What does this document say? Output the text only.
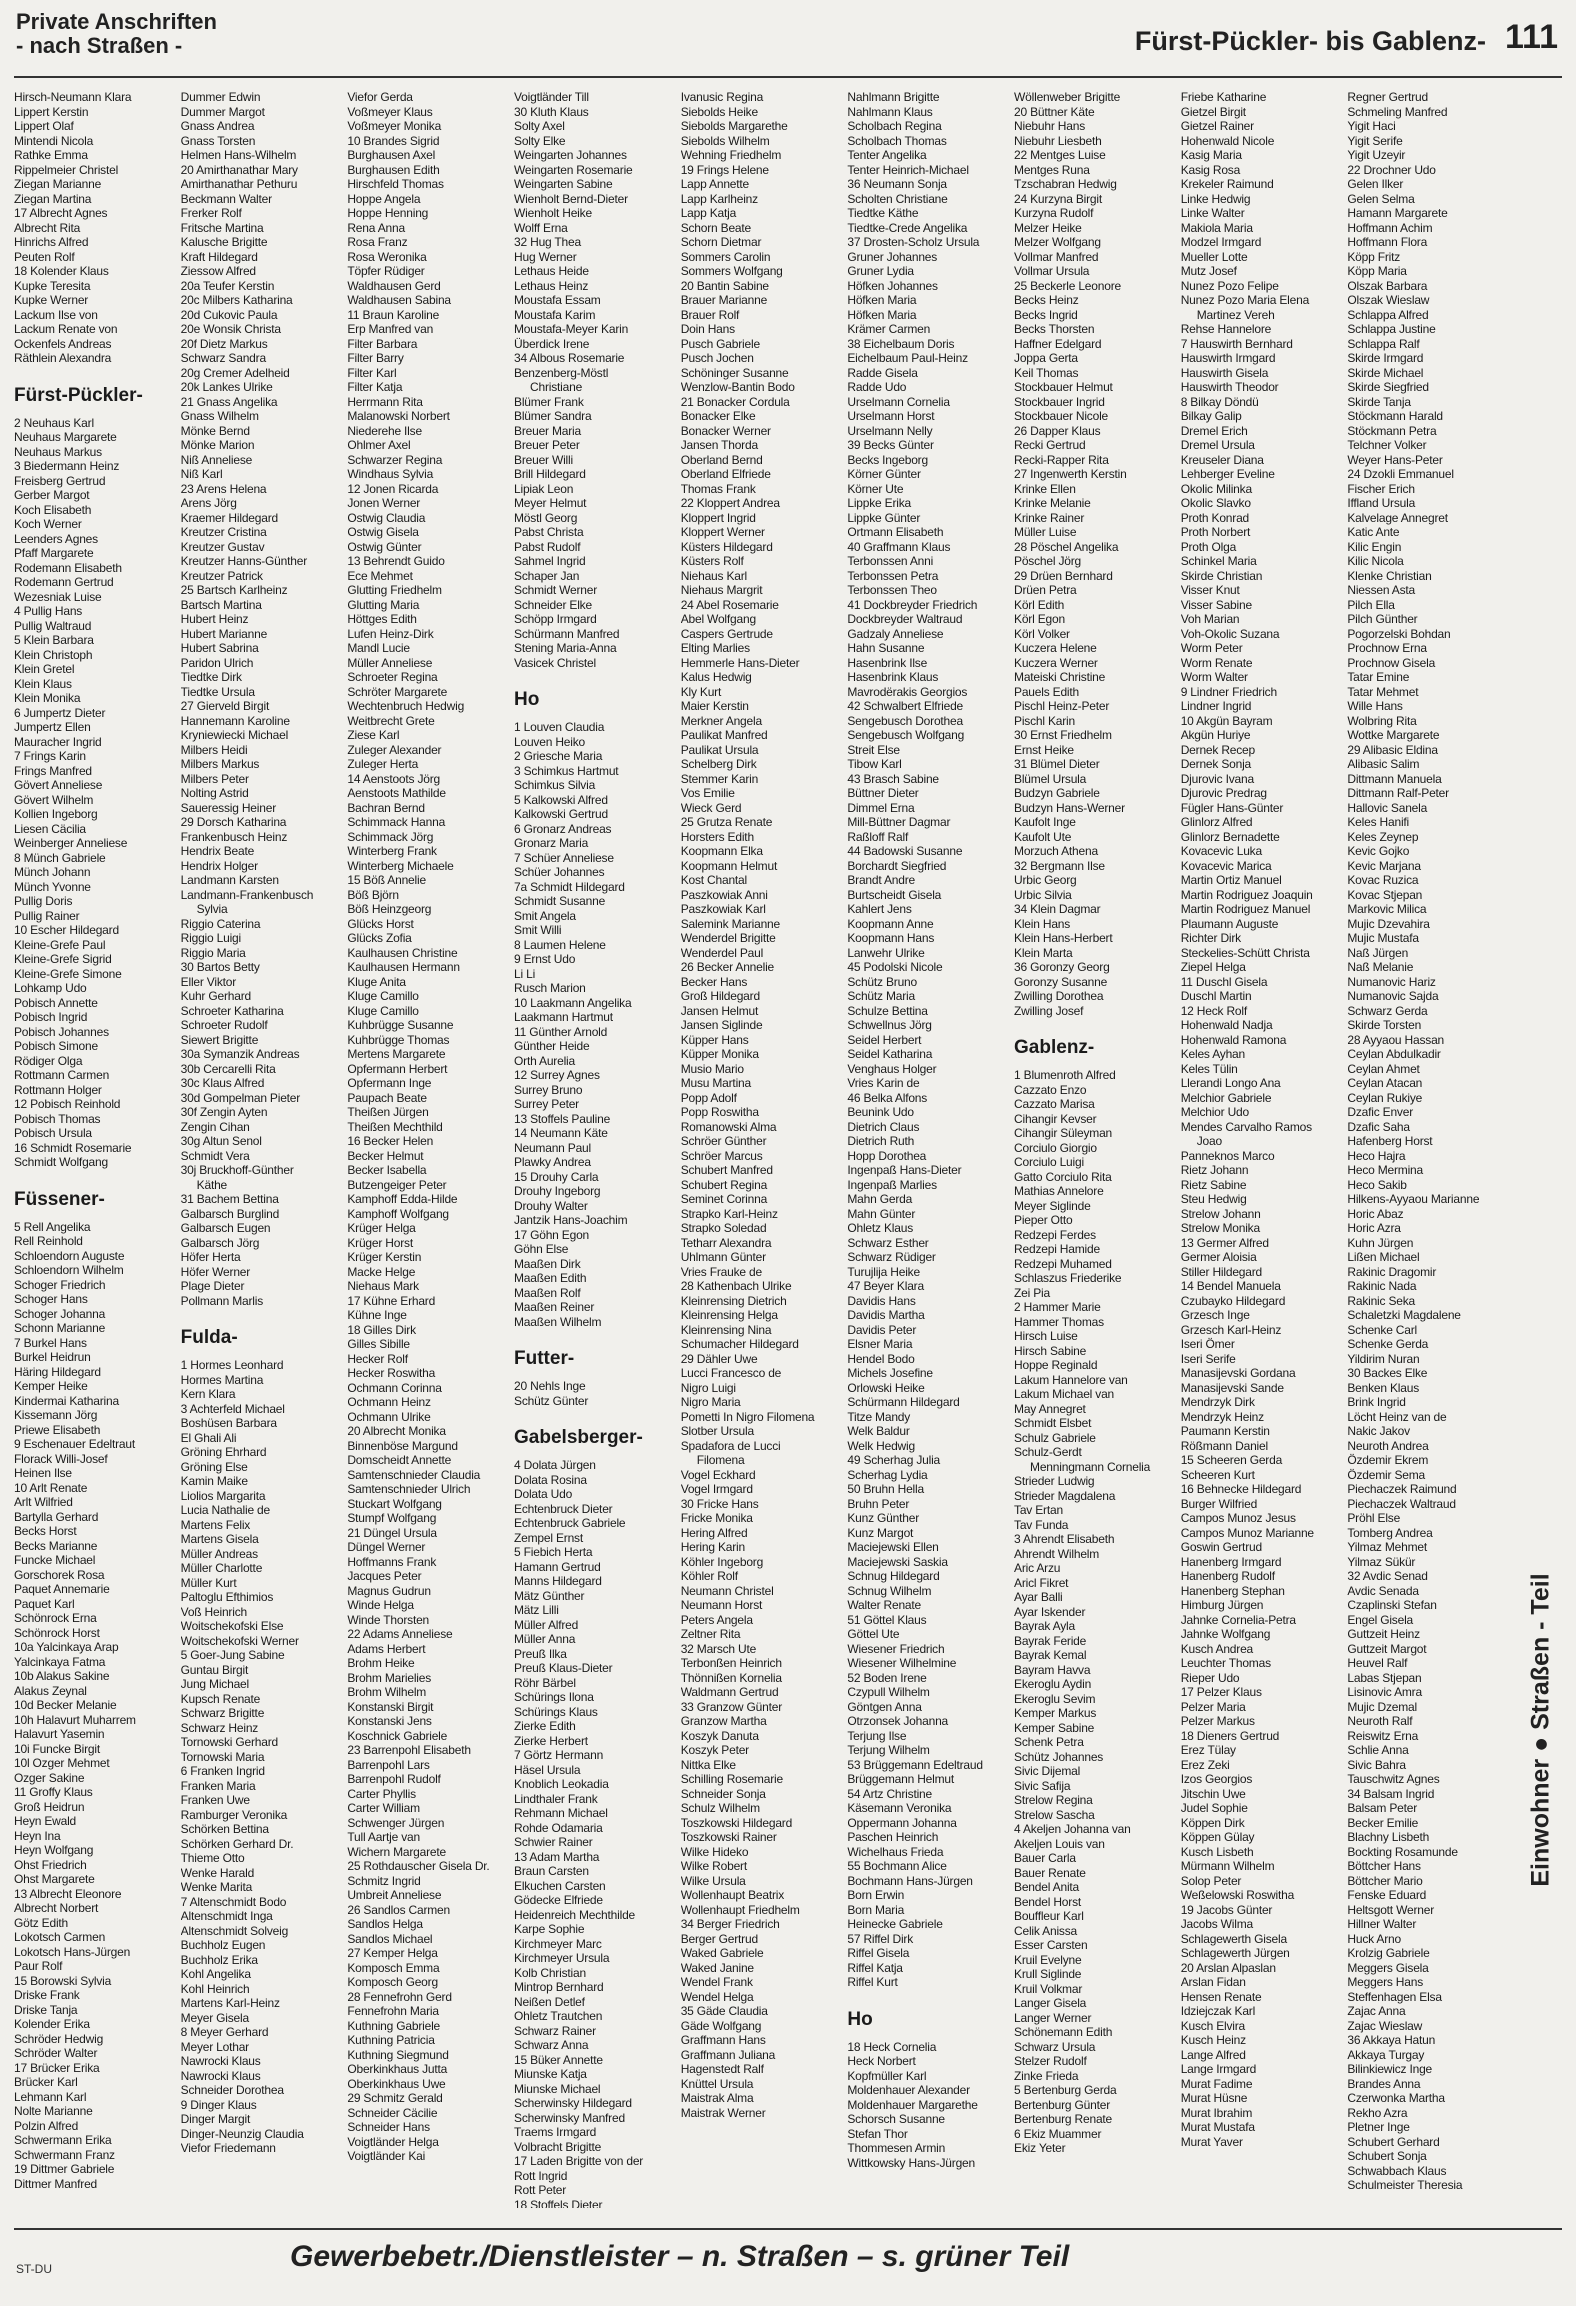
Private Anschriften
- nach Straßen -	Fürst-Pückler- bis Gablenz- 111
Hirsch-Neumann Klara
Lippert Kerstin
Lippert Olaf
Mintendi Nicola
Rathke Emma
Rippelmeier Christel
Ziegan Marianne
Ziegan Martina
17 Albrecht Agnes
Albrecht Rita
Hinrichs Alfred
Peuten Rolf
18 Kolender Klaus
Kupke Teresita
Kupke Werner
Lackum Ilse von
Lackum Renate von
Ockenfels Andreas
Räthlein Alexandra
Fürst-Pückler-
2 Neuhaus Karl
Neuhaus Margarete
Neuhaus Markus
3 Biedermann Heinz
Freisberg Gertrud
Gerber Margot
Koch Elisabeth
Koch Werner
Leenders Agnes
Pfaff Margarete
Rodemann Elisabeth
Rodemann Gertrud
Wezesniak Luise
4 Pullig Hans
Pullig Waltraud
5 Klein Barbara
Klein Christoph
Klein Gretel
Klein Klaus
Klein Monika
6 Jumpertz Dieter
Jumpertz Ellen
Mauracher Ingrid
7 Frings Karin
Frings Manfred
Gövert Anneliese
Gövert Wilhelm
Kollien Ingeborg
Liesen Cäcilia
Weinberger Anneliese
8 Münch Gabriele
Münch Johann
Münch Yvonne
Pullig Doris
Pullig Rainer
10 Escher Hildegard
Kleine-Grefe Paul
Kleine-Grefe Sigrid
Kleine-Grefe Simone
Lohkamp Udo
Pobisch Annette
Pobisch Ingrid
Pobisch Johannes
Pobisch Simone
Rödiger Olga
Rottmann Carmen
Rottmann Holger
12 Pobisch Reinhold
Pobisch Thomas
Pobisch Ursula
16 Schmidt Rosemarie
Schmidt Wolfgang
Füssener-
5 Rell Angelika
Rell Reinhold
Schloendorn Auguste
Schloendorn Wilhelm
Schoger Friedrich
Schoger Hans
Schoger Johanna
Schonn Marianne
7 Burkel Hans
Burkel Heidrun
Häring Hildegard
Kemper Heike
Kindermai Katharina
Kissemann Jörg
Priewe Elisabeth
9 Eschenauer Edeltraut
Florack Willi-Josef
Heinen Ilse
10 Arlt Renate
Arlt Wilfried
Bartylla Gerhard
Becks Horst
Becks Marianne
Funcke Michael
Gorschorek Rosa
Paquet Annemarie
Paquet Karl
Schönrock Erna
Schönrock Horst
10a Yalcinkaya Arap
Yalcinkaya Fatma
10b Alakus Sakine
Alakus Zeynal
10d Becker Melanie
10h Halavurt Muharrem
Halavurt Yasemin
10i Funcke Birgit
10l Ozger Mehmet
Ozger Sakine
11 Groffy Klaus
Groß Heidrun
Heyn Ewald
Heyn Ina
Heyn Wolfgang
Ohst Friedrich
Ohst Margarete
13 Albrecht Eleonore
Albrecht Norbert
Götz Edith
Lokotsch Carmen
Lokotsch Hans-Jürgen
Paur Rolf
15 Borowski Sylvia
Driske Frank
Driske Tanja
Kolender Erika
Schröder Hedwig
Schröder Walter
17 Brücker Erika
Brücker Karl
Lehmann Karl
Nolte Marianne
Polzin Alfred
Schwermann Erika
Schwermann Franz
19 Dittmer Gabriele
Dittmer Manfred
Dummer Edwin
Dummer Margot
Gnass Andrea
Gnass Torsten
Helmen Hans-Wilhelm
20 Amirthanathar Mary
Amirthanathar Pethuru
Beckmann Walter
Frerker Rolf
Fritsche Martina
Kalusche Brigitte
Kraft Hildegard
Ziessow Alfred
20a Teufer Kerstin
20c Milbers Katharina
20d Cukovic Paula
20e Wonsik Christa
20f Dietz Markus
Schwarz Sandra
20g Cremer Adelheid
20k Lankes Ulrike
21 Gnass Angelika
Gnass Wilhelm
Mönke Bernd
Mönke Marion
Niß Anneliese
Niß Karl
23 Arens Helena
Arens Jörg
Kraemer Hildegard
Kreutzer Cristina
Kreutzer Gustav
Kreutzer Hanns-Günther
Kreutzer Patrick
25 Bartsch Karlheinz
Bartsch Martina
Hubert Heinz
Hubert Marianne
Hubert Sabrina
Paridon Ulrich
Tiedtke Dirk
Tiedtke Ursula
27 Gierveld Birgit
Hannemann Karoline
Kryniewiecki Michael
Milbers Heidi
Milbers Markus
Milbers Peter
Nolting Astrid
Saueressig Heiner
29 Dorsch Katharina
Frankenbusch Heinz
Hendrix Beate
Hendrix Holger
Landmann Karsten
Landmann-Frankenbusch
Sylvia
Riggio Caterina
Riggio Luigi
Riggio Maria
30 Bartos Betty
Eller Viktor
Kuhr Gerhard
Schroeter Katharina
Schroeter Rudolf
Siewert Brigitte
30a Symanzik Andreas
30b Cercarelli Rita
30c Klaus Alfred
30d Gompelman Pieter
30f Zengin Ayten
Zengin Cihan
30g Altun Senol
Schmidt Vera
30j Bruckhoff-Günther
Käthe
31 Bachem Bettina
Galbarsch Burglind
Galbarsch Eugen
Galbarsch Jörg
Höfer Herta
Höfer Werner
Plage Dieter
Pollmann Marlis
Fulda-
1 Hormes Leonhard
Hormes Martina
Kern Klara
3 Achterfeld Michael
Boshüsen Barbara
El Ghali Ali
Gröning Ehrhard
Gröning Else
Kamin Maike
Liolios Margarita
Lucia Nathalie de
Martens Felix
Martens Gisela
Müller Andreas
Müller Charlotte
Müller Kurt
Paltoglu Efthimios
Voß Heinrich
Woitschekofski Else
Woitschekofski Werner
5 Goer-Jung Sabine
Guntau Birgit
Jung Michael
Kupsch Renate
Schwarz Brigitte
Schwarz Heinz
Tornowski Gerhard
Tornowski Maria
6 Franken Ingrid
Franken Maria
Franken Uwe
Ramburger Veronika
Schörken Bettina
Schörken Gerhard Dr.
Thieme Otto
Wenke Harald
Wenke Marita
7 Altenschmidt Bodo
Altenschmidt Inga
Altenschmidt Solveig
Buchholz Eugen
Buchholz Erika
Kohl Angelika
Kohl Heinrich
Martens Karl-Heinz
Meyer Gisela
8 Meyer Gerhard
Meyer Lothar
Nawrocki Klaus
Nawrocki Klaus
Schneider Dorothea
9 Dinger Klaus
Dinger Margit
Dinger-Neunzig Claudia
Viefor Friedemann
Viefor Gerda
Voßmeyer Klaus
Voßmeyer Monika
10 Brandes Sigrid
Burghausen Axel
Burghausen Edith
Hirschfeld Thomas
Hoppe Angela
Hoppe Henning
Rena Anna
Rosa Franz
Rosa Weronika
Töpfer Rüdiger
Waldhausen Gerd
Waldhausen Sabina
11 Braun Karoline
Erp Manfred van
Filter Barbara
Filter Barry
Filter Karl
Filter Katja
Herrmann Rita
Malanowski Norbert
Niederehe Ilse
Ohlmer Axel
Schwarzer Regina
Windhaus Sylvia
12 Jonen Ricarda
Jonen Werner
Ostwig Claudia
Ostwig Gisela
Ostwig Günter
13 Behrendt Guido
Ece Mehmet
Glutting Friedhelm
Glutting Maria
Höttges Edith
Lufen Heinz-Dirk
Mandl Lucie
Müller Anneliese
Schroeter Regina
Schröter Margarete
Wechtenbruch Hedwig
Weitbrecht Grete
Ziese Karl
Zuleger Alexander
Zuleger Herta
14 Aenstoots Jörg
Aenstoots Mathilde
Bachran Bernd
Schimmack Hanna
Schimmack Jörg
Winterberg Frank
Winterberg Michaele
15 Böß Annelie
Böß Björn
Böß Heinzgeorg
Glücks Horst
Glücks Zofia
Kaulhausen Christine
Kaulhausen Hermann
Kluge Anita
Kluge Camillo
Kluge Camillo
Kuhbrügge Susanne
Kuhbrügge Thomas
Mertens Margarete
Opfermann Herbert
Opfermann Inge
Paupach Beate
Theißen Jürgen
Theißen Mechthild
16 Becker Helen
Becker Helmut
Becker Isabella
Butzengeiger Peter
Kamphoff Edda-Hilde
Kamphoff Wolfgang
Krüger Helga
Krüger Horst
Krüger Kerstin
Macke Helge
Niehaus Mark
17 Kühne Erhard
Kühne Inge
18 Gilles Dirk
Gilles Sibille
Hecker Rolf
Hecker Roswitha
Ochmann Corinna
Ochmann Heinz
Ochmann Ulrike
20 Albrecht Monika
Binnenböse Margund
Domscheidt Annette
Samtenschnieder Claudia
Samtenschnieder Ulrich
Stuckart Wolfgang
Stumpf Wolfgang
21 Düngel Ursula
Düngel Werner
Hoffmanns Frank
Jacques Peter
Magnus Gudrun
Winde Helga
Winde Thorsten
22 Adams Anneliese
Adams Herbert
Brohm Heike
Brohm Marielies
Brohm Wilhelm
Konstanski Birgit
Konstanski Jens
Koschnick Gabriele
23 Barrenpohl Elisabeth
Barrenpohl Lars
Barrenpohl Rudolf
Carter Phyllis
Carter William
Schwenger Jürgen
Tull Aartje van
Wichern Margarete
25 Rothdauscher Gisela Dr.
Schmitz Ingrid
Umbreit Anneliese
26 Sandlos Carmen
Sandlos Helga
Sandlos Michael
27 Kemper Helga
Komposch Emma
Komposch Georg
28 Fennefrohn Gerd
Fennefrohn Maria
Kuthning Gabriele
Kuthning Patricia
Kuthning Siegmund
Oberkinkhaus Jutta
Oberkinkhaus Uwe
29 Schmitz Gerald
Schneider Cäcilie
Schneider Hans
Voigtländer Helga
Voigtländer Kai
Voigtländer Till
30 Kluth Klaus
Solty Axel
Solty Elke
Weingarten Johannes
Weingarten Rosemarie
Weingarten Sabine
Wienholt Bernd-Dieter
Wienholt Heike
Wolff Erna
32 Hug Thea
Hug Werner
Lethaus Heide
Lethaus Heinz
Moustafa Essam
Moustafa Karim
Moustafa-Meyer Karin
Überdick Irene
34 Albous Rosemarie
Benzenberg-Möstl
Christiane
Blümer Frank
Blümer Sandra
Breuer Maria
Breuer Peter
Breuer Willi
Brill Hildegard
Lipiak Leon
Meyer Helmut
Möstl Georg
Pabst Christa
Pabst Rudolf
Sahmel Ingrid
Schaper Jan
Schmidt Werner
Schneider Elke
Schöpp Irmgard
Schürmann Manfred
Stening Maria-Anna
Vasicek Christel
Ho
1 Louven Claudia
Louven Heiko
2 Griesche Maria
3 Schimkus Hartmut
Schimkus Silvia
5 Kalkowski Alfred
Kalkowski Gertrud
6 Gronarz Andreas
Gronarz Maria
7 Schüer Anneliese
Schüer Johannes
7a Schmidt Hildegard
Schmidt Susanne
Smit Angela
Smit Willi
8 Laumen Helene
9 Ernst Udo
Li Li
Rusch Marion
10 Laakmann Angelika
Laakmann Hartmut
11 Günther Arnold
Günther Heide
Orth Aurelia
12 Surrey Agnes
Surrey Bruno
Surrey Peter
13 Stoffels Pauline
14 Neumann Käte
Neumann Paul
Plawky Andrea
15 Drouhy Carla
Drouhy Ingeborg
Drouhy Walter
Jantzik Hans-Joachim
17 Göhn Egon
Göhn Else
Maaßen Dirk
Maaßen Edith
Maaßen Rolf
Maaßen Reiner
Maaßen Wilhelm
Futter-
20 Nehls Inge
Schütz Günter
Gabelsberger-
4 Dolata Jürgen
Dolata Rosina
Dolata Udo
Echtenbruck Dieter
Echtenbruck Gabriele
Zempel Ernst
5 Fiebich Herta
Hamann Gertrud
Manns Hildegard
Mätz Günther
Mätz Lilli
Müller Alfred
Müller Anna
Preuß Ilka
Preuß Klaus-Dieter
Röhr Bärbel
Schürings Ilona
Schürings Klaus
Zierke Edith
Zierke Herbert
7 Görtz Hermann
Häsel Ursula
Knoblich Leokadia
Lindthaler Frank
Rehmann Michael
Rohde Odamaria
Schwier Rainer
13 Adam Martha
Braun Carsten
Elkuchen Carsten
Gödecke Elfriede
Heidenreich Mechthilde
Karpe Sophie
Kirchmeyer Marc
Kirchmeyer Ursula
Kolb Christian
Mintrop Bernhard
Neißen Detlef
Ohletz Trautchen
Schwarz Rainer
Schwarz Anna
15 Büker Annette
Miunske Katja
Miunske Michael
Scherwinsky Hildegard
Scherwinsky Manfred
Traems Irmgard
Volbracht Brigitte
17 Laden Brigitte von der
Rott Ingrid
Rott Peter
18 Stoffels Dieter
Ivanusic Regina
Siebolds Heike
Siebolds Margarethe
Siebolds Wilhelm
Wehning Friedhelm
19 Frings Helene
Lapp Annette
Lapp Karlheinz
Lapp Katja
Schorn Beate
Schorn Dietmar
Sommers Carolin
Sommers Wolfgang
20 Bantin Sabine
Brauer Marianne
Brauer Rolf
Doin Hans
Pusch Gabriele
Pusch Jochen
Schöninger Susanne
Wenzlow-Bantin Bodo
21 Bonacker Cordula
Bonacker Elke
Bonacker Werner
Jansen Thorda
Oberland Bernd
Oberland Elfriede
Thomas Frank
22 Kloppert Andrea
Kloppert Ingrid
Kloppert Werner
Küsters Hildegard
Küsters Rolf
Niehaus Karl
Niehaus Margrit
24 Abel Rosemarie
Abel Wolfgang
Caspers Gertrude
Elting Marlies
Hemmerle Hans-Dieter
Kalus Hedwig
Kly Kurt
Maier Kerstin
Merkner Angela
Paulikat Manfred
Paulikat Ursula
Schelberg Dirk
Stemmer Karin
Vos Emilie
Wieck Gerd
25 Grutza Renate
Horsters Edith
Koopmann Elka
Koopmann Helmut
Kost Chantal
Paszkowiak Anni
Paszkowiak Karl
Salemink Marianne
Wenderdel Brigitte
Wenderdel Paul
26 Becker Annelie
Becker Hans
Groß Hildegard
Jansen Helmut
Jansen Siglinde
Küpper Hans
Küpper Monika
Musio Mario
Musu Martina
Popp Adolf
Popp Roswitha
Romanowski Alma
Schröer Günther
Schröer Marcus
Schubert Manfred
Schubert Regina
Seminet Corinna
Strapko Karl-Heinz
Strapko Soledad
Tetharr Alexandra
Uhlmann Günter
Vries Frauke de
28 Kathenbach Ulrike
Kleinrensing Dietrich
Kleinrensing Helga
Kleinrensing Nina
Schumacher Hildegard
29 Dähler Uwe
Lucci Francesco de
Nigro Luigi
Nigro Maria
Pometti In Nigro Filomena
Slotber Ursula
Spadafora de Lucci
Filomena
Vogel Eckhard
Vogel Irmgard
30 Fricke Hans
Fricke Monika
Hering Alfred
Hering Karin
Köhler Ingeborg
Köhler Rolf
Neumann Christel
Neumann Horst
Peters Angela
Zeltner Rita
32 Marsch Ute
Terbonßen Heinrich
Thönnißen Kornelia
Waldmann Gertrud
33 Granzow Günter
Granzow Martha
Koszyk Danuta
Koszyk Peter
Nittka Elke
Schilling Rosemarie
Schneider Sonja
Schulz Wilhelm
Toszkowski Hildegard
Toszkowski Rainer
Wilke Hideko
Wilke Robert
Wilke Ursula
Wollenhaupt Beatrix
Wollenhaupt Friedhelm
34 Berger Friedrich
Berger Gertrud
Waked Gabriele
Waked Janine
Wendel Frank
Wendel Helga
35 Gäde Claudia
Gäde Wolfgang
Graffmann Hans
Graffmann Juliana
Hagenstedt Ralf
Knüttel Ursula
Maistrak Alma
Maistrak Werner
Nahlmann Brigitte
Nahlmann Klaus
Scholbach Regina
Scholbach Thomas
Tenter Angelika
Tenter Heinrich-Michael
36 Neumann Sonja
Scholten Christiane
Tiedtke Käthe
Tiedtke-Crede Angelika
37 Drosten-Scholz Ursula
Gruner Johannes
Gruner Lydia
Höfken Johannes
Höfken Maria
Höfken Maria
Krämer Carmen
38 Eichelbaum Doris
Eichelbaum Paul-Heinz
Radde Gisela
Radde Udo
Urselmann Cornelia
Urselmann Horst
Urselmann Nelly
39 Becks Günter
Becks Ingeborg
Körner Günter
Körner Ute
Lippke Erika
Lippke Günter
Ortmann Elisabeth
40 Graffmann Klaus
Terbonssen Anni
Terbonssen Petra
Terbonssen Theo
41 Dockbreyder Friedrich
Dockbreyder Waltraud
Gadzaly Anneliese
Hahn Susanne
Hasenbrink Ilse
Hasenbrink Klaus
Mavrodërakis Georgios
42 Schwalbert Elfriede
Sengebusch Dorothea
Sengebusch Wolfgang
Streit Else
Tibow Karl
43 Brasch Sabine
Büttner Dieter
Dimmel Erna
Mill-Büttner Dagmar
Raßloff Ralf
44 Badowski Susanne
Borchardt Siegfried
Brandt Andre
Burtscheidt Gisela
Kahlert Jens
Koopmann Anne
Koopmann Hans
Lanwehr Ulrike
45 Podolski Nicole
Schütz Bruno
Schütz Maria
Schulze Bettina
Schwellnus Jörg
Seidel Herbert
Seidel Katharina
Venghaus Holger
Vries Karin de
46 Belka Alfons
Beunink Udo
Dietrich Claus
Dietrich Ruth
Hopp Dorothea
Ingenpaß Hans-Dieter
Ingenpaß Marlies
Mahn Gerda
Mahn Günter
Ohletz Klaus
Schwarz Esther
Schwarz Rüdiger
Turujlija Heike
47 Beyer Klara
Davidis Hans
Davidis Martha
Davidis Peter
Elsner Maria
Hendel Bodo
Michels Josefine
Orlowski Heike
Schürmann Hildegard
Titze Mandy
Welk Baldur
Welk Hedwig
49 Scherhag Julia
Scherhag Lydia
50 Bruhn Hella
Bruhn Peter
Kunz Günther
Kunz Margot
Maciejewski Ellen
Maciejewski Saskia
Schnug Hildegard
Schnug Wilhelm
Walter Renate
51 Göttel Klaus
Göttel Ute
Wiesener Friedrich
Wiesener Wilhelmine
52 Boden Irene
Czypull Wilhelm
Göntgen Anna
Otrzonsek Johanna
Terjung Ilse
Terjung Wilhelm
53 Brüggemann Edeltraud
Brüggemann Helmut
54 Artz Christine
Käsemann Veronika
Oppermann Johanna
Paschen Heinrich
Wichelhaus Frieda
55 Bochmann Alice
Bochmann Hans-Jürgen
Born Erwin
Born Maria
Heinecke Gabriele
57 Riffel Dirk
Riffel Gisela
Riffel Katja
Riffel Kurt
Ho
18 Heck Cornelia
Heck Norbert
Kopfmüller Karl
Moldenhauer Alexander
Moldenhauer Margarethe
Schorsch Susanne
Stefan Thor
Thommesen Armin
Wittkowsky Hans-Jürgen
Wöllenweber Brigitte
20 Büttner Käte
Niebuhr Hans
Niebuhr Liesbeth
22 Mentges Luise
Mentges Runa
Tzschabran Hedwig
24 Kurzyna Birgit
Kurzyna Rudolf
Melzer Heike
Melzer Wolfgang
Vollmar Manfred
Vollmar Ursula
25 Beckerle Leonore
Becks Heinz
Becks Ingrid
Becks Thorsten
Haffner Edelgard
Joppa Gerta
Keil Thomas
Stockbauer Helmut
Stockbauer Ingrid
Stockbauer Nicole
26 Dapper Klaus
Recki Gertrud
Recki-Rapper Rita
27 Ingenwerth Kerstin
Krinke Ellen
Krinke Melanie
Krinke Rainer
Müller Luise
28 Pöschel Angelika
Pöschel Jörg
29 Drüen Bernhard
Drüen Petra
Körl Edith
Körl Egon
Körl Volker
Kuczera Helene
Kuczera Werner
Mateiski Christine
Pauels Edith
Pischl Heinz-Peter
Pischl Karin
30 Ernst Friedhelm
Ernst Heike
31 Blümel Dieter
Blümel Ursula
Budzyn Gabriele
Budzyn Hans-Werner
Kaufolt Inge
Kaufolt Ute
Morzuch Athena
32 Bergmann Ilse
Urbic Georg
Urbic Silvia
34 Klein Dagmar
Klein Hans
Klein Hans-Herbert
Klein Marta
36 Goronzy Georg
Goronzy Susanne
Zwilling Dorothea
Zwilling Josef
Gablenz-
1 Blumenroth Alfred
Cazzato Enzo
Cazzato Marisa
Cihangir Kevser
Cihangir Süleyman
Corciulo Giorgio
Corciulo Luigi
Gatto Corciulo Rita
Mathias Annelore
Meyer Siglinde
Pieper Otto
Redzepi Ferdes
Redzepi Hamide
Redzepi Muhamed
Schlaszus Friederike
Zei Pia
2 Hammer Marie
Hammer Thomas
Hirsch Luise
Hirsch Sabine
Hoppe Reginald
Lakum Hannelore van
Lakum Michael van
May Annegret
Schmidt Elsbet
Schulz Gabriele
Schulz-Gerdt
Menningmann Cornelia
Strieder Ludwig
Strieder Magdalena
Tav Ertan
Tav Funda
3 Ahrendt Elisabeth
Ahrendt Wilhelm
Aric Arzu
Aricl Fikret
Ayar Balli
Ayar Iskender
Bayrak Ayla
Bayrak Feride
Bayrak Kemal
Bayram Havva
Ekeroglu Aydin
Ekeroglu Sevim
Kemper Markus
Kemper Sabine
Schenk Petra
Schütz Johannes
Sivic Dijemal
Sivic Safija
Strelow Regina
Strelow Sascha
4 Akeljen Johanna van
Akeljen Louis van
Bauer Carla
Bauer Renate
Bendel Anita
Bendel Horst
Bouffleur Karl
Celik Anissa
Esser Carsten
Kruil Evelyne
Krull Siglinde
Kruil Volkmar
Langer Gisela
Langer Werner
Schönemann Edith
Schwarz Ursula
Stelzer Rudolf
Zinke Frieda
5 Bertenburg Gerda
Bertenburg Günter
Bertenburg Renate
6 Ekiz Muammer
Ekiz Yeter
Friebe Katharine
Gietzel Birgit
Gietzel Rainer
Hohenwald Nicole
Kasig Maria
Kasig Rosa
Krekeler Raimund
Linke Hedwig
Linke Walter
Makiola Maria
Modzel Irmgard
Mueller Lotte
Mutz Josef
Nunez Pozo Felipe
Nunez Pozo Maria Elena
Martinez Vereh
Rehse Hannelore
7 Hauswirth Bernhard
Hauswirth Irmgard
Hauswirth Gisela
Hauswirth Theodor
8 Bilkay Döndü
Bilkay Galip
Dremel Erich
Dremel Ursula
Kreuseler Diana
Lehberger Eveline
Okolic Milinka
Okolic Slavko
Proth Konrad
Proth Norbert
Proth Olga
Schinkel Maria
Skirde Christian
Visser Knut
Visser Sabine
Voh Marian
Voh-Okolic Suzana
Worm Peter
Worm Renate
Worm Walter
9 Lindner Friedrich
Lindner Ingrid
10 Akgün Bayram
Akgün Huriye
Dernek Recep
Dernek Sonja
Djurovic Ivana
Djurovic Predrag
Fügler Hans-Günter
Glinlorz Alfred
Glinlorz Bernadette
Kovacevic Luka
Kovacevic Marica
Martin Ortiz Manuel
Martin Rodriguez Joaquin
Martin Rodriguez Manuel
Plaumann Auguste
Richter Dirk
Steckelies-Schütt Christa
Ziepel Helga
11 Duschl Gisela
Duschl Martin
12 Heck Rolf
Hohenwald Nadja
Hohenwald Ramona
Keles Ayhan
Keles Tülin
Llerandi Longo Ana
Melchior Gabriele
Melchior Udo
Mendes Carvalho Ramos
Joao
Panneknos Marco
Rietz Johann
Rietz Sabine
Steu Hedwig
Strelow Johann
Strelow Monika
13 Germer Alfred
Germer Aloisia
Stiller Hildegard
14 Bendel Manuela
Czubayko Hildegard
Grzesch Inge
Grzesch Karl-Heinz
Iseri Ömer
Iseri Serife
Manasijevski Gordana
Manasijevski Sande
Mendrzyk Dirk
Mendrzyk Heinz
Paumann Kerstin
Rößmann Daniel
15 Scheeren Gerda
Scheeren Kurt
16 Behnecke Hildegard
Burger Wilfried
Campos Munoz Jesus
Campos Munoz Marianne
Goswin Gertrud
Hanenberg Irmgard
Hanenberg Rudolf
Hanenberg Stephan
Himburg Jürgen
Jahnke Cornelia-Petra
Jahnke Wolfgang
Kusch Andrea
Leuchter Thomas
Rieper Udo
17 Pelzer Klaus
Pelzer Maria
Pelzer Markus
18 Dieners Gertrud
Erez Tülay
Erez Zeki
Izos Georgios
Jitschin Uwe
Judel Sophie
Köppen Dirk
Köppen Gülay
Kusch Lisbeth
Mürmann Wilhelm
Solop Peter
Weßelowski Roswitha
19 Jacobs Günter
Jacobs Wilma
Schlagewerth Gisela
Schlagewerth Jürgen
20 Arslan Alpaslan
Arslan Fidan
Hensen Renate
Idziejczak Karl
Kusch Elvira
Kusch Heinz
Lange Alfred
Lange Irmgard
Murat Fadime
Murat Hüsne
Murat Ibrahim
Murat Mustafa
Murat Yaver
Regner Gertrud
Schmeling Manfred
Yigit Haci
Yigit Serife
Yigit Uzeyir
22 Drochner Udo
Gelen Ilker
Gelen Selma
Hamann Margarete
Hoffmann Achim
Hoffmann Flora
Köpp Fritz
Köpp Maria
Olszak Barbara
Olszak Wieslaw
Schlappa Alfred
Schlappa Justine
Schlappa Ralf
Skirde Irmgard
Skirde Michael
Skirde Siegfried
Skirde Tanja
Stöckmann Harald
Stöckmann Petra
Telchner Volker
Weyer Hans-Peter
24 Dzokli Emmanuel
Fischer Erich
Iffland Ursula
Kalvelage Annegret
Katic Ante
Kilic Engin
Kilic Nicola
Klenke Christian
Niessen Asta
Pilch Ella
Pilch Günther
Pogorzelski Bohdan
Prochnow Erna
Prochnow Gisela
Tatar Emine
Tatar Mehmet
Wille Hans
Wolbring Rita
Wottke Margarete
29 Alibasic Eldina
Alibasic Salim
Dittmann Manuela
Dittmann Ralf-Peter
Hallovic Sanela
Keles Hanifi
Keles Zeynep
Kevic Gojko
Kevic Marjana
Kovac Ruzica
Kovac Stjepan
Markovic Milica
Mujic Dzevahira
Mujic Mustafa
Naß Jürgen
Naß Melanie
Numanovic Hariz
Numanovic Sajda
Schwarz Gerda
Skirde Torsten
28 Ayyaou Hassan
Ceylan Abdulkadir
Ceylan Ahmet
Ceylan Atacan
Ceylan Rukiye
Dzafic Enver
Dzafic Saha
Hafenberg Horst
Heco Hajra
Heco Mermina
Heco Sakib
Hilkens-Ayyaou Marianne
Horic Abaz
Horic Azra
Kuhn Jürgen
Lißen Michael
Rakinic Dragomir
Rakinic Nada
Rakinic Seka
Schaletzki Magdalene
Schenke Carl
Schenke Gerda
Yildirim Nuran
30 Backes Elke
Benken Klaus
Brink Ingrid
Löcht Heinz van de
Nakic Jakov
Neuroth Andrea
Özdemir Ekrem
Özdemir Sema
Piechaczek Raimund
Piechaczek Waltraud
Pröhl Else
Tomberg Andrea
Yilmaz Mehmet
Yilmaz Sükür
32 Avdic Senad
Avdic Senada
Czaplinski Stefan
Engel Gisela
Guttzeit Heinz
Guttzeit Margot
Heuvel Ralf
Labas Stjepan
Lisinovic Amra
Mujic Dzemal
Neuroth Ralf
Reiswitz Erna
Schlie Anna
Sivic Bahra
Tauschwitz Agnes
34 Balsam Ingrid
Balsam Peter
Becker Emilie
Blachny Lisbeth
Bockting Rosamunde
Böttcher Hans
Böttcher Mario
Fenske Eduard
Heltsgott Werner
Hillner Walter
Huck Arno
Krolzig Gabriele
Meggers Gisela
Meggers Hans
Steffenhagen Elsa
Zajac Anna
Zajac Wieslaw
36 Akkaya Hatun
Akkaya Turgay
Bilinkiewicz Inge
Brandes Anna
Czerwonka Martha
Rekho Azra
Pletner Inge
Schubert Gerhard
Schubert Sonja
Schwabbach Klaus
Schulmeister Theresia
Einwohner ● Straßen - Teil
ST-DU	Gewerbebetr./Dienstleister – n. Straßen – s. grüner Teil
